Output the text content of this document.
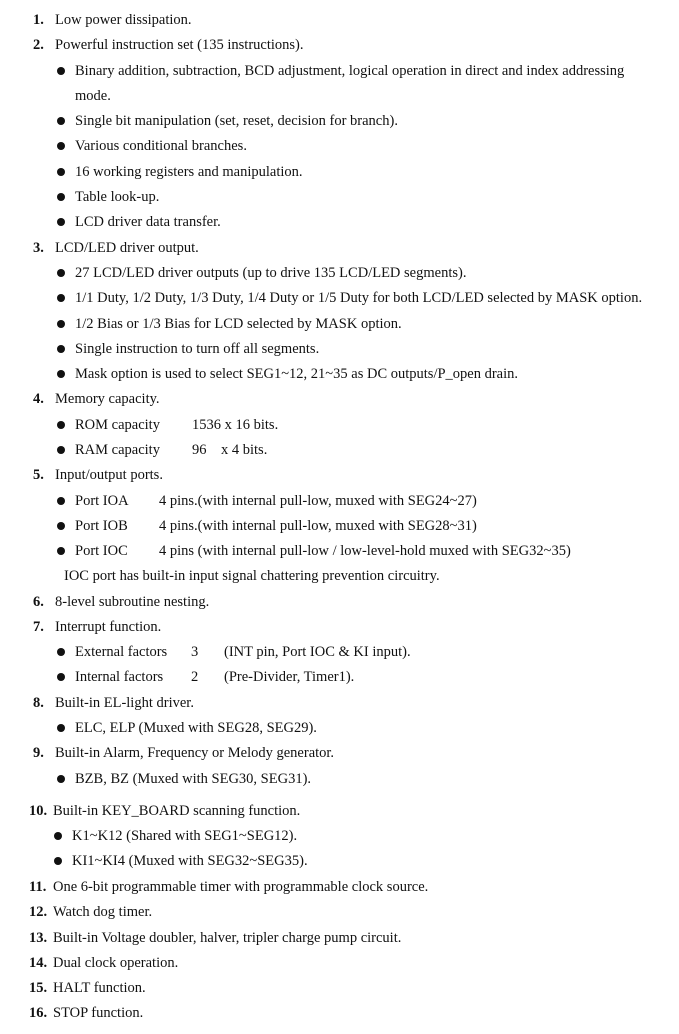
1. Low power dissipation.
2. Powerful instruction set (135 instructions).
Binary addition, subtraction, BCD adjustment, logical operation in direct and index addressing
mode.
Single bit manipulation (set, reset, decision for branch).
Various conditional branches.
16 working registers and manipulation.
Table look-up.
LCD driver data transfer.
3. LCD/LED driver output.
27 LCD/LED driver outputs (up to drive 135 LCD/LED segments).
1/1 Duty, 1/2 Duty, 1/3 Duty, 1/4 Duty or 1/5 Duty for both LCD/LED selected by MASK option.
1/2 Bias or 1/3 Bias for LCD selected by MASK option.
Single instruction to turn off all segments.
Mask option is used to select SEG1~12, 21~35 as DC outputs/P_open drain.
4. Memory capacity.
ROM capacity 1536 x 16 bits.
RAM capacity 96    x 4 bits.
5. Input/output ports.
Port IOA 4 pins.(with internal pull-low, muxed with SEG24~27)
Port IOB 4 pins.(with internal pull-low, muxed with SEG28~31)
Port IOC 4 pins (with internal pull-low / low-level-hold muxed with SEG32~35)
IOC port has built-in input signal chattering prevention circuitry.
6. 8-level subroutine nesting.
7. Interrupt function.
External factors 3 (INT pin, Port IOC & KI input).
Internal factors 2 (Pre-Divider, Timer1).
8. Built-in EL-light driver.
ELC, ELP (Muxed with SEG28, SEG29).
9. Built-in Alarm, Frequency or Melody generator.
BZB, BZ (Muxed with SEG30, SEG31).
10. Built-in KEY_BOARD scanning function.
K1~K12 (Shared with SEG1~SEG12).
KI1~KI4 (Muxed with SEG32~SEG35).
11. One 6-bit programmable timer with programmable clock source.
12. Watch dog timer.
13. Built-in Voltage doubler, halver, tripler charge pump circuit.
14. Dual clock operation.
15. HALT function.
16. STOP function.
